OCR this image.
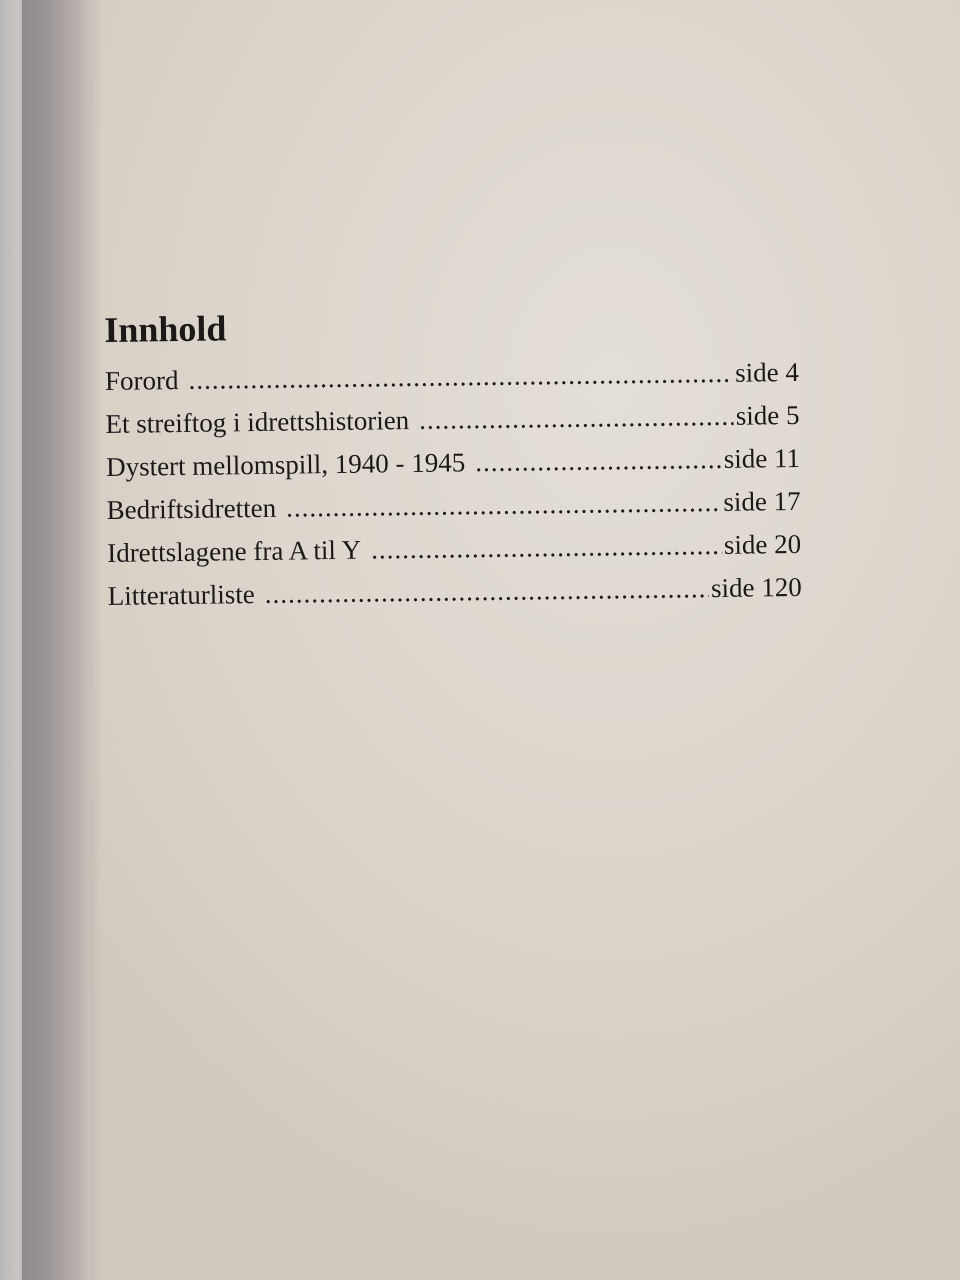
Innhold
Forord .....	side 4
Et streiftog i idrettshistorien .....	side 5
Dystert mellomspill, 1940 - 1945 .....	side 11
Bedriftsidretten .....	side 17
Idrettslagene fra A til Y .....	side 20
Litteraturliste .....	side 120
